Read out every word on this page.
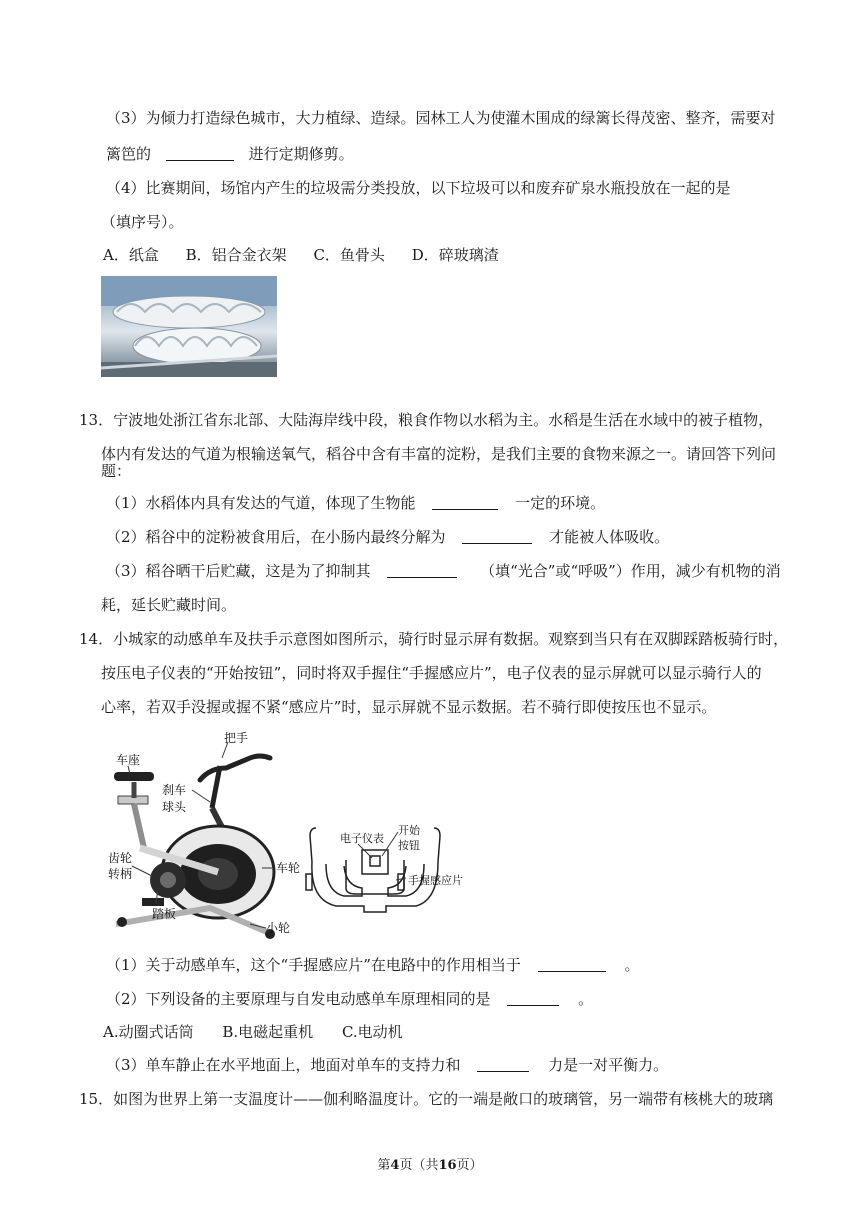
（3）为倾力打造绿色城市，大力植绿、造绿。园林工人为使灌木围成的绿篱长得茂密、整齐，需要对
篱笆的	进行定期修剪。
（4）比赛期间，场馆内产生的垃圾需分类投放，以下垃圾可以和废弃矿泉水瓶投放在一起的是
（填序号）。
A．纸盒 B．铝合金衣架 C．鱼骨头 D．碎玻璃渣
13．宁波地处浙江省东北部、大陆海岸线中段，粮食作物以水稻为主。水稻是生活在水域中的被子植物，
体内有发达的气道为根输送氧气，稻谷中含有丰富的淀粉，是我们主要的食物来源之一。请回答下列问
题：
（1）水稻体内具有发达的气道，体现了生物能	一定的环境。
（2）稻谷中的淀粉被食用后，在小肠内最终分解为	才能被人体吸收。
（3）稻谷晒干后贮藏，这是为了抑制其	（填“光合”或“呼吸”）作用，减少有机物的消
耗，延长贮藏时间。
14．小城家的动感单车及扶手示意图如图所示，骑行时显示屏有数据。观察到当只有在双脚踩踏板骑行时，
按压电子仪表的“开始按钮”，同时将双手握住“手握感应片”，电子仪表的显示屏就可以显示骑行人的
心率，若双手没握或握不紧“感应片”时，显示屏就不显示数据。若不骑行即使按压也不显示。
把手
车座
刹车
球头
齿轮
转柄	车轮
踏板
小轮
电子仪表
开始
按钮
手握感应片
（1）关于动感单车，这个“手握感应片”在电路中的作用相当于	。
（2）下列设备的主要原理与自发电动感单车原理相同的是	。
A.动圈式话筒 B.电磁起重机 C.电动机
（3）单车静止在水平地面上，地面对单车的支持力和	力是一对平衡力。
15．如图为世界上第一支温度计——伽利略温度计。它的一端是敞口的玻璃管，另一端带有核桃大的玻璃
第4页（共16页）
